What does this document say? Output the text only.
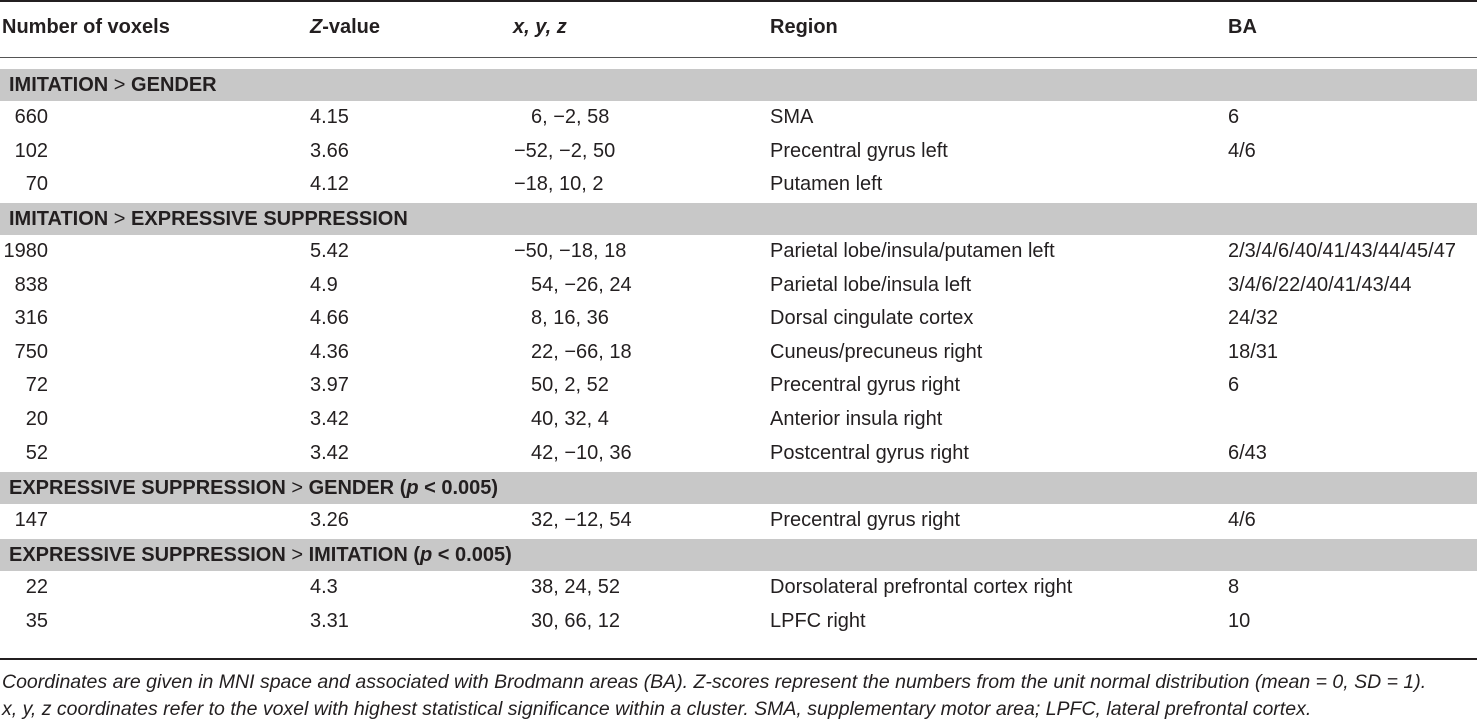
Number of voxels	Z-value	x, y, z	Region	BA
IMITATION > GENDER
660	4.15	6, −2, 58	SMA	6
102	3.66	−52, −2, 50	Precentral gyrus left	4/6
70	4.12	−18, 10, 2	Putamen left
IMITATION > EXPRESSIVE SUPPRESSION
1980	5.42	−50, −18, 18	Parietal lobe/insula/putamen left	2/3/4/6/40/41/43/44/45/47
838	4.9	54, −26, 24	Parietal lobe/insula left	3/4/6/22/40/41/43/44
316	4.66	8, 16, 36	Dorsal cingulate cortex	24/32
750	4.36	22, −66, 18	Cuneus/precuneus right	18/31
72	3.97	50, 2, 52	Precentral gyrus right	6
20	3.42	40, 32, 4	Anterior insula right
52	3.42	42, −10, 36	Postcentral gyrus right	6/43
EXPRESSIVE SUPPRESSION > GENDER (p < 0.005)
147	3.26	32, −12, 54	Precentral gyrus right	4/6
EXPRESSIVE SUPPRESSION > IMITATION (p < 0.005)
22	4.3	38, 24, 52	Dorsolateral prefrontal cortex right	8
35	3.31	30, 66, 12	LPFC right	10
Coordinates are given in MNI space and associated with Brodmann areas (BA). Z-scores represent the numbers from the unit normal distribution (mean = 0, SD = 1).
x, y, z coordinates refer to the voxel with highest statistical significance within a cluster. SMA, supplementary motor area; LPFC, lateral prefrontal cortex.
